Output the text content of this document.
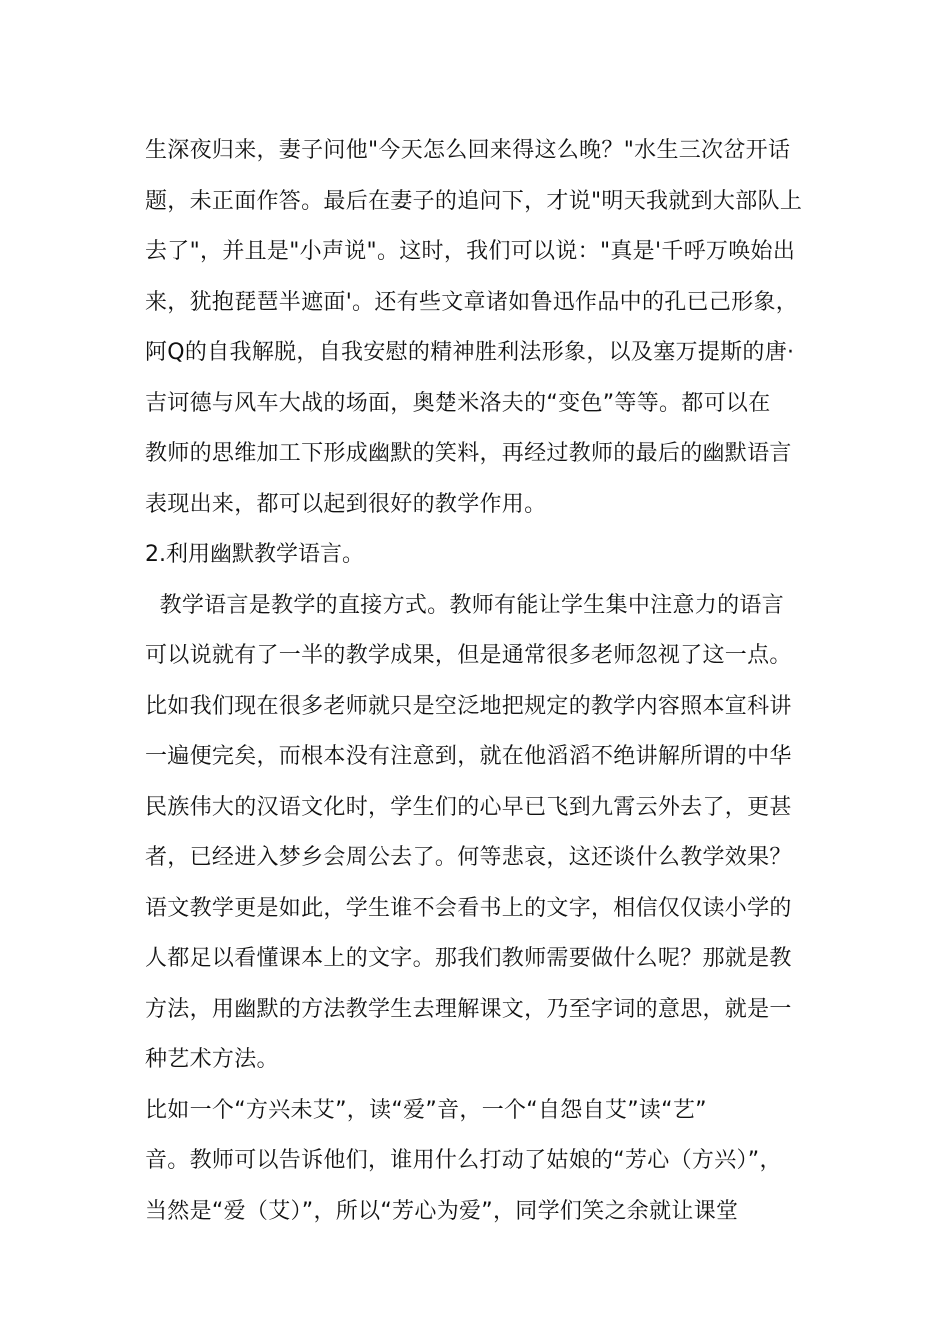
生深夜归来，妻子问他"今天怎么回来得这么晚？"水生三次岔开话
题，未正面作答。最后在妻子的追问下，才说"明天我就到大部队上
去了"，并且是"小声说"。这时，我们可以说："真是'千呼万唤始出
来，犹抱琵琶半遮面'。还有些文章诸如鲁迅作品中的孔已己形象，
阿Q的自我解脱，自我安慰的精神胜利法形象，以及塞万提斯的唐·
吉诃德与风车大战的场面，奥楚米洛夫的“变色”等等。都可以在
教师的思维加工下形成幽默的笑料，再经过教师的最后的幽默语言
表现出来，都可以起到很好的教学作用。
2.利用幽默教学语言。
教学语言是教学的直接方式。教师有能让学生集中注意力的语言
可以说就有了一半的教学成果，但是通常很多老师忽视了这一点。
比如我们现在很多老师就只是空泛地把规定的教学内容照本宣科讲
一遍便完矣，而根本没有注意到，就在他滔滔不绝讲解所谓的中华
民族伟大的汉语文化时，学生们的心早已飞到九霄云外去了，更甚
者，已经进入梦乡会周公去了。何等悲哀，这还谈什么教学效果？
语文教学更是如此，学生谁不会看书上的文字，相信仅仅读小学的
人都足以看懂课本上的文字。那我们教师需要做什么呢？那就是教
方法，用幽默的方法教学生去理解课文，乃至字词的意思，就是一
种艺术方法。
比如一个“方兴未艾”，读“爱”音，一个“自怨自艾”读“艺”
音。教师可以告诉他们，谁用什么打动了姑娘的“芳心（方兴）”，
当然是“爱（艾）”，所以“芳心为爱”，同学们笑之余就让课堂
